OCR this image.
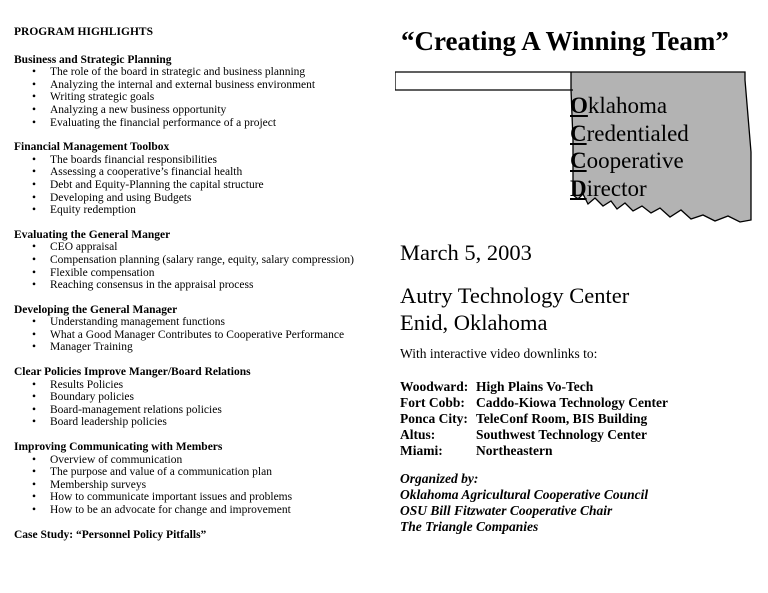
PROGRAM HIGHLIGHTS
Business and Strategic Planning
• The role of the board in strategic and business planning
• Analyzing the internal and external business environment
• Writing strategic goals
• Analyzing a new business opportunity
• Evaluating the financial performance of a project
Financial Management Toolbox
• The boards financial responsibilities
• Assessing a cooperative’s financial health
• Debt and Equity-Planning the capital structure
• Developing and using Budgets
• Equity redemption
Evaluating the General Manger
• CEO appraisal
• Compensation planning (salary range, equity, salary compression)
• Flexible compensation
• Reaching consensus in the appraisal process
Developing the General Manager
• Understanding management functions
• What a Good Manager Contributes to Cooperative Performance
• Manager Training
Clear Policies Improve Manger/Board Relations
• Results Policies
• Boundary policies
• Board-management relations policies
• Board leadership policies
Improving Communicating with Members
• Overview of communication
• The purpose and value of a communication plan
• Membership surveys
• How to communicate important issues and problems
• How to be an advocate for change and improvement
Case Study: “Personnel Policy Pitfalls”
“Creating A Winning Team”
Oklahoma
Credentialed
Cooperative
Director
March 5, 2003
Autry Technology Center
Enid, Oklahoma
With interactive video downlinks to:
Woodward: High Plains Vo-Tech
Fort Cobb: Caddo-Kiowa Technology Center
Ponca City: TeleConf Room, BIS Building
Altus:	Southwest Technology Center
Miami:	Northeastern
Organized by:
Oklahoma Agricultural Cooperative Council
OSU Bill Fitzwater Cooperative Chair
The Triangle Companies
